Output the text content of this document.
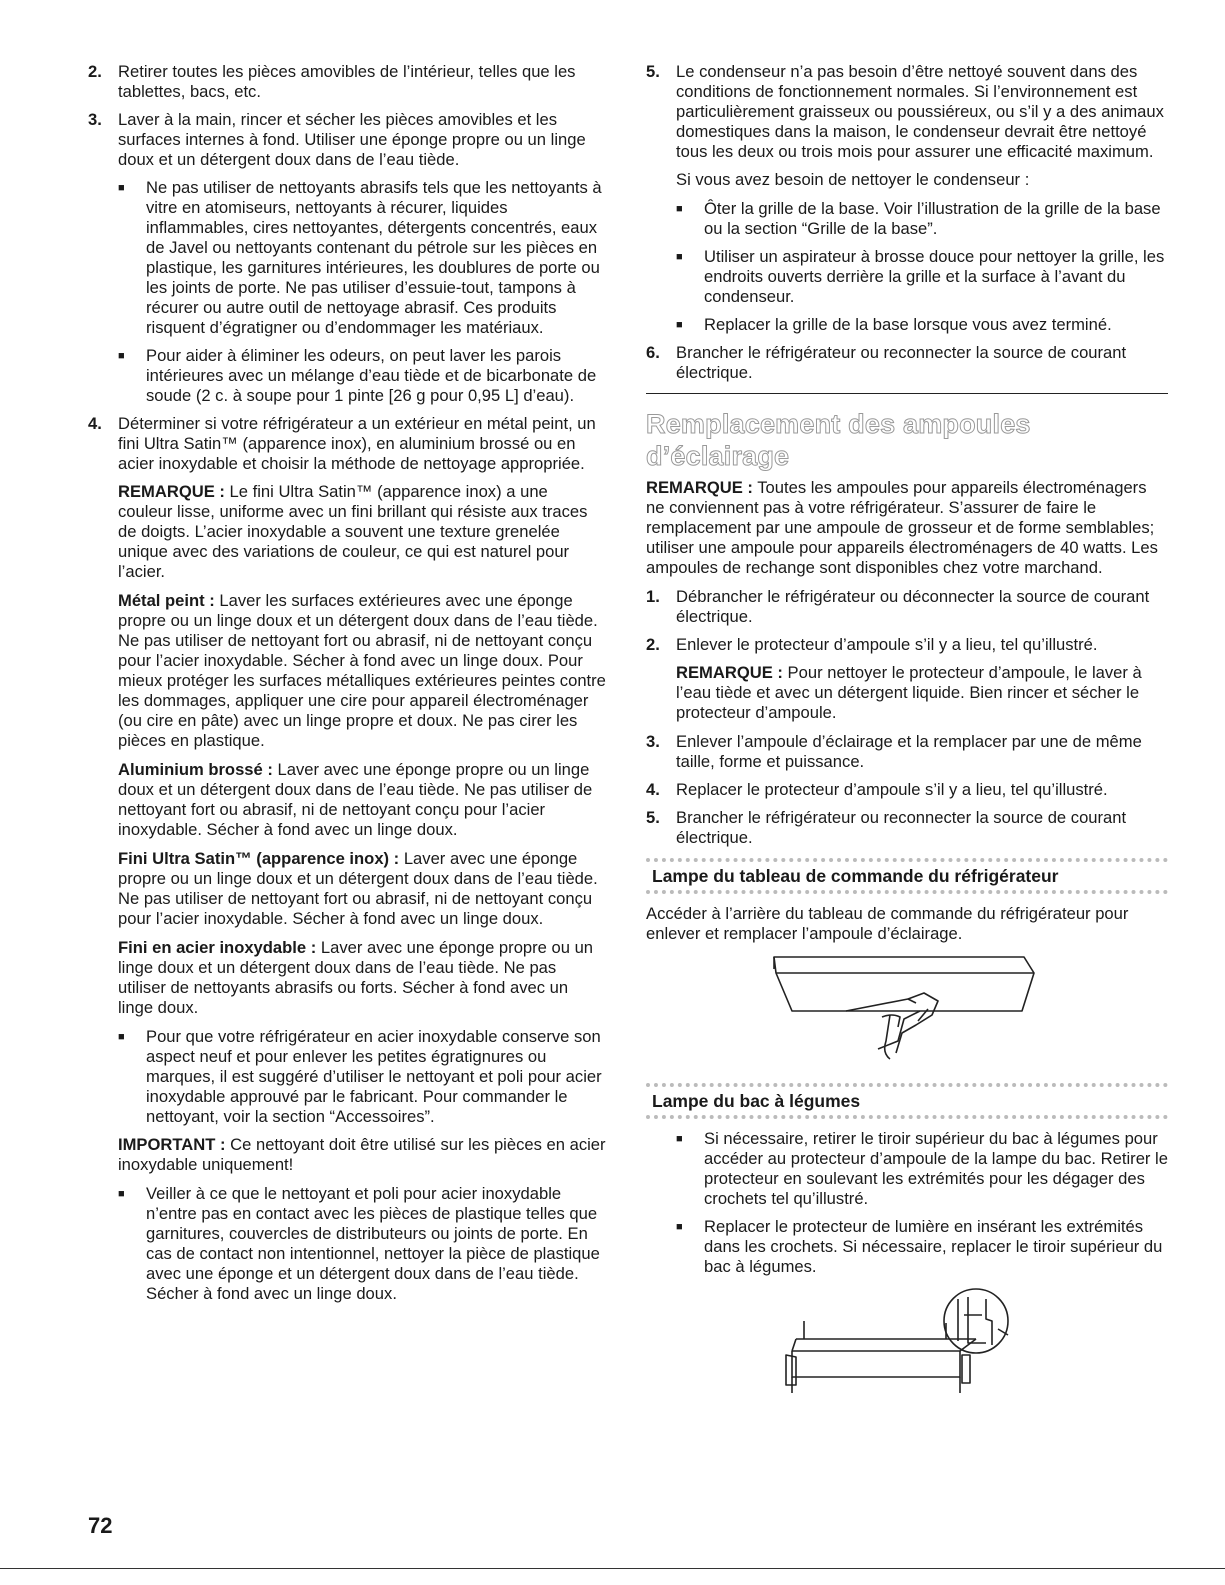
2. Retirer toutes les pièces amovibles de l’intérieur, telles que les tablettes, bacs, etc.
3. Laver à la main, rincer et sécher les pièces amovibles et les surfaces internes à fond. Utiliser une éponge propre ou un linge doux et un détergent doux dans de l’eau tiède.
■	Ne pas utiliser de nettoyants abrasifs tels que les nettoyants à vitre en atomiseurs, nettoyants à récurer, liquides inflammables, cires nettoyantes, détergents concentrés, eaux de Javel ou nettoyants contenant du pétrole sur les pièces en plastique, les garnitures intérieures, les doublures de porte ou les joints de porte. Ne pas utiliser d’essuie-tout, tampons à récurer ou autre outil de nettoyage abrasif. Ces produits risquent d’égratigner ou d’endommager les matériaux.
■	Pour aider à éliminer les odeurs, on peut laver les parois intérieures avec un mélange d’eau tiède et de bicarbonate de soude (2 c. à soupe pour 1 pinte [26 g pour 0,95 L] d’eau).
4. Déterminer si votre réfrigérateur a un extérieur en métal peint, un fini Ultra Satin™ (apparence inox), en aluminium brossé ou en acier inoxydable et choisir la méthode de nettoyage appropriée.
REMARQUE : Le fini Ultra Satin™ (apparence inox) a une couleur lisse, uniforme avec un fini brillant qui résiste aux traces de doigts. L’acier inoxydable a souvent une texture grenelée unique avec des variations de couleur, ce qui est naturel pour l’acier.
Métal peint : Laver les surfaces extérieures avec une éponge propre ou un linge doux et un détergent doux dans de l’eau tiède. Ne pas utiliser de nettoyant fort ou abrasif, ni de nettoyant conçu pour l’acier inoxydable. Sécher à fond avec un linge doux. Pour mieux protéger les surfaces métalliques extérieures peintes contre les dommages, appliquer une cire pour appareil électroménager (ou cire en pâte) avec un linge propre et doux. Ne pas cirer les pièces en plastique.
Aluminium brossé : Laver avec une éponge propre ou un linge doux et un détergent doux dans de l’eau tiède. Ne pas utiliser de nettoyant fort ou abrasif, ni de nettoyant conçu pour l’acier inoxydable. Sécher à fond avec un linge doux.
Fini Ultra Satin™ (apparence inox) : Laver avec une éponge propre ou un linge doux et un détergent doux dans de l’eau tiède. Ne pas utiliser de nettoyant fort ou abrasif, ni de nettoyant conçu pour l’acier inoxydable. Sécher à fond avec un linge doux.
Fini en acier inoxydable : Laver avec une éponge propre ou un linge doux et un détergent doux dans de l’eau tiède. Ne pas utiliser de nettoyants abrasifs ou forts. Sécher à fond avec un linge doux.
■	Pour que votre réfrigérateur en acier inoxydable conserve son aspect neuf et pour enlever les petites égratignures ou marques, il est suggéré d’utiliser le nettoyant et poli pour acier inoxydable approuvé par le fabricant. Pour commander le nettoyant, voir la section “Accessoires”.
IMPORTANT : Ce nettoyant doit être utilisé sur les pièces en acier inoxydable uniquement!
■	Veiller à ce que le nettoyant et poli pour acier inoxydable n’entre pas en contact avec les pièces de plastique telles que garnitures, couvercles de distributeurs ou joints de porte. En cas de contact non intentionnel, nettoyer la pièce de plastique avec une éponge et un détergent doux dans de l’eau tiède. Sécher à fond avec un linge doux.
5. Le condenseur n’a pas besoin d’être nettoyé souvent dans des conditions de fonctionnement normales. Si l’environnement est particulièrement graisseux ou poussiéreux, ou s’il y a des animaux domestiques dans la maison, le condenseur devrait être nettoyé tous les deux ou trois mois pour assurer une efficacité maximum.
Si vous avez besoin de nettoyer le condenseur :
■	Ôter la grille de la base. Voir l’illustration de la grille de la base ou la section “Grille de la base”.
■	Utiliser un aspirateur à brosse douce pour nettoyer la grille, les endroits ouverts derrière la grille et la surface à l’avant du condenseur.
■	Replacer la grille de la base lorsque vous avez terminé.
6. Brancher le réfrigérateur ou reconnecter la source de courant électrique.
Remplacement des ampoules d’éclairage
REMARQUE : Toutes les ampoules pour appareils électroménagers ne conviennent pas à votre réfrigérateur. S’assurer de faire le remplacement par une ampoule de grosseur et de forme semblables; utiliser une ampoule pour appareils électroménagers de 40 watts. Les ampoules de rechange sont disponibles chez votre marchand.
1. Débrancher le réfrigérateur ou déconnecter la source de courant électrique.
2. Enlever le protecteur d’ampoule s’il y a lieu, tel qu’illustré.
REMARQUE : Pour nettoyer le protecteur d’ampoule, le laver à l’eau tiède et avec un détergent liquide. Bien rincer et sécher le protecteur d’ampoule.
3. Enlever l’ampoule d’éclairage et la remplacer par une de même taille, forme et puissance.
4. Replacer le protecteur d’ampoule s’il y a lieu, tel qu’illustré.
5. Brancher le réfrigérateur ou reconnecter la source de courant électrique.
Lampe du tableau de commande du réfrigérateur
Accéder à l’arrière du tableau de commande du réfrigérateur pour enlever et remplacer l’ampoule d’éclairage.
Lampe du bac à légumes
■	Si nécessaire, retirer le tiroir supérieur du bac à légumes pour accéder au protecteur d’ampoule de la lampe du bac. Retirer le protecteur en soulevant les extrémités pour les dégager des crochets tel qu’illustré.
■	Replacer le protecteur de lumière en insérant les extrémités dans les crochets. Si nécessaire, replacer le tiroir supérieur du bac à légumes.
72
